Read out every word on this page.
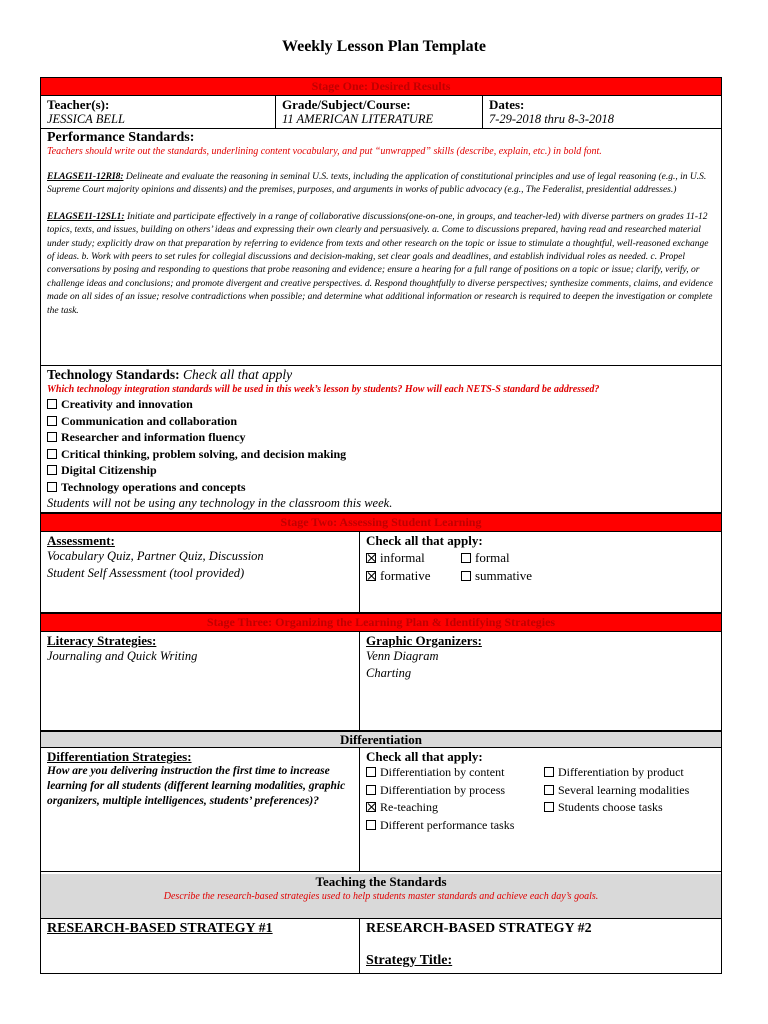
Weekly Lesson Plan Template
Stage One: Desired Results
Teacher(s):
JESSICA BELL
Grade/Subject/Course:
11 AMERICAN LITERATURE
Dates:
7-29-2018 thru 8-3-2018
Performance Standards:
Teachers should write out the standards, underlining content vocabulary, and put “unwrapped” skills (describe, explain, etc.) in bold font.
ELAGSE11-12RI8: Delineate and evaluate the reasoning in seminal U.S. texts, including the application of constitutional principles and use of legal reasoning (e.g., in U.S. Supreme Court majority opinions and dissents) and the premises, purposes, and arguments in works of public advocacy (e.g., The Federalist, presidential addresses.)
ELAGSE11-12SL1: Initiate and participate effectively in a range of collaborative discussions(one-on-one, in groups, and teacher-led) with diverse partners on grades 11-12 topics, texts, and issues, building on others’ ideas and expressing their own clearly and persuasively. a. Come to discussions prepared, having read and researched material under study; explicitly draw on that preparation by referring to evidence from texts and other research on the topic or issue to stimulate a thoughtful, well-reasoned exchange of ideas. b. Work with peers to set rules for collegial discussions and decision-making, set clear goals and deadlines, and establish individual roles as needed. c. Propel conversations by posing and responding to questions that probe reasoning and evidence; ensure a hearing for a full range of positions on a topic or issue; clarify, verify, or challenge ideas and conclusions; and promote divergent and creative perspectives. d. Respond thoughtfully to diverse perspectives; synthesize comments, claims, and evidence made on all sides of an issue; resolve contradictions when possible; and determine what additional information or research is required to deepen the investigation or complete the task.
Technology Standards: Check all that apply
Which technology integration standards will be used in this week’s lesson by students? How will each NETS-S standard be addressed?
Creativity and innovation
Communication and collaboration
Researcher and information fluency
Critical thinking, problem solving, and decision making
Digital Citizenship
Technology operations and concepts
Students will not be using any technology in the classroom this week.
Stage Two: Assessing Student Learning
Assessment:
Vocabulary Quiz, Partner Quiz, Discussion
Student Self Assessment (tool provided)
Check all that apply:
informal	formal
formative	summative
Stage Three: Organizing the Learning Plan & Identifying Strategies
Literacy Strategies:
Journaling and Quick Writing
Graphic Organizers:
Venn Diagram
Charting
Differentiation
Differentiation Strategies:
How are you delivering instruction the first time to increase learning for all students (different learning modalities, graphic organizers, multiple intelligences, students’ preferences)?
Check all that apply:
Differentiation by content
Differentiation by process
Re-teaching
Different performance tasks
Differentiation by product
Several learning modalities
Students choose tasks
Teaching the Standards
Describe the research-based strategies used to help students master standards and achieve each day’s goals.
RESEARCH-BASED STRATEGY #1	RESEARCH-BASED STRATEGY #2
Strategy Title:
